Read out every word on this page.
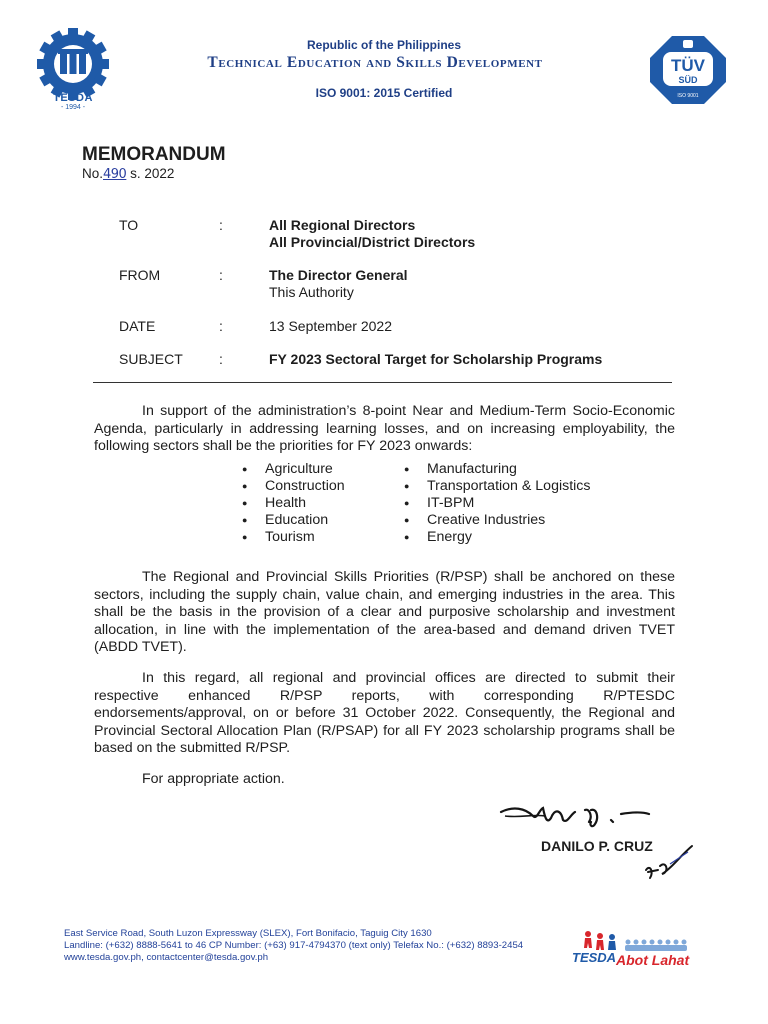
TESDA
- 1994 -
Republic of the Philippines
Technical Education and Skills Development
ISO 9001: 2015 Certified
TÜV
SÜD
ISO 9001
MEMORANDUM
No.490 s. 2022
TO	:	All Regional Directors
All Provincial/District Directors
FROM	:	The Director General
This Authority
DATE	:	13 September 2022
SUBJECT	:	FY 2023 Sectoral Target for Scholarship Programs
In support of the administration’s 8-point Near and Medium-Term Socio-Economic Agenda, particularly in addressing learning losses, and on increasing employability, the following sectors shall be the priorities for FY 2023 onwards:
● Agriculture
● Construction
● Health
● Education
● Tourism
● Manufacturing
● Transportation & Logistics
● IT-BPM
● Creative Industries
● Energy
The Regional and Provincial Skills Priorities (R/PSP) shall be anchored on these sectors, including the supply chain, value chain, and emerging industries in the area. This shall be the basis in the provision of a clear and purposive scholarship and investment allocation, in line with the implementation of the area-based and demand driven TVET (ABDD TVET).
In this regard, all regional and provincial offices are directed to submit their respective enhanced R/PSP reports, with corresponding R/PTESDC endorsements/approval, on or before 31 October 2022. Consequently, the Regional and Provincial Sectoral Allocation Plan (R/PSAP) for all FY 2023 scholarship programs shall be based on the submitted R/PSP.
For appropriate action.
DANILO P. CRUZ
East Service Road, South Luzon Expressway (SLEX), Fort Bonifacio, Taguig City 1630
Landline: (+632) 8888-5641 to 46 CP Number: (+63) 917-4794370 (text only) Telefax No.: (+632) 8893-2454
www.tesda.gov.ph, contactcenter@tesda.gov.ph	TESDA Abot Lahat
